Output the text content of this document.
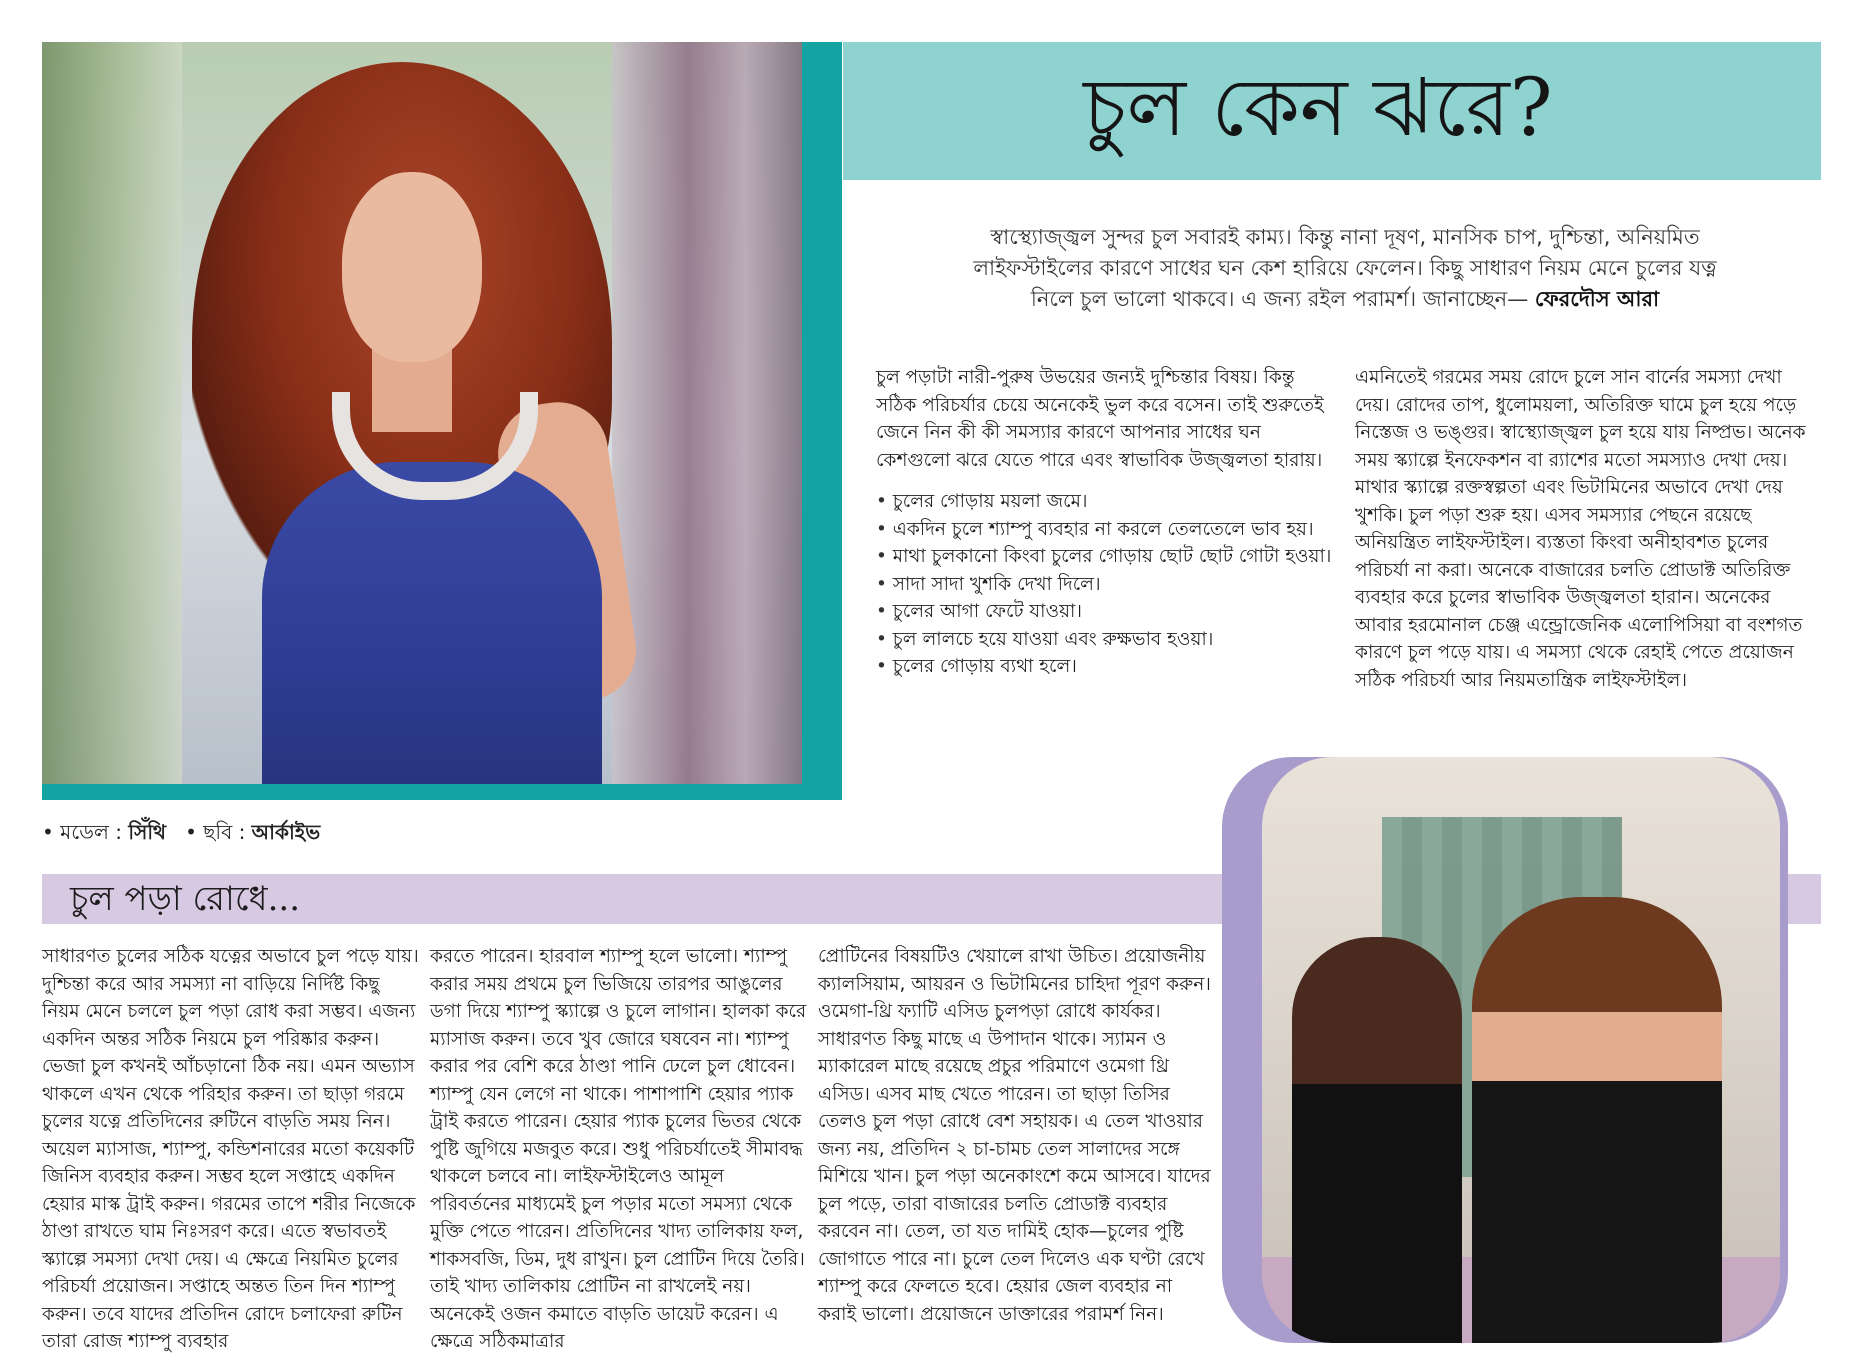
• মডেল : সিঁথি   • ছবি : আর্কাইভ
চুল কেন ঝরে?
স্বাস্থ্যোজ্জ্বল সুন্দর চুল সবারই কাম্য। কিন্তু নানা দূষণ, মানসিক চাপ, দুশ্চিন্তা, অনিয়মিত লাইফস্টাইলের কারণে সাধের ঘন কেশ হারিয়ে ফেলেন। কিছু সাধারণ নিয়ম মেনে চুলের যত্ন নিলে চুল ভালো থাকবে। এ জন্য রইল পরামর্শ। জানাচ্ছেন— ফেরদৌস আরা
চুল পড়াটা নারী-পুরুষ উভয়ের জন্যই দুশ্চিন্তার বিষয়। কিন্তু সঠিক পরিচর্যার চেয়ে অনেকেই ভুল করে বসেন। তাই শুরুতেই জেনে নিন কী কী সমস্যার কারণে আপনার সাধের ঘন কেশগুলো ঝরে যেতে পারে এবং স্বাভাবিক উজ্জ্বলতা হারায়।
• চুলের গোড়ায় ময়লা জমে।
• একদিন চুলে শ্যাম্পু ব্যবহার না করলে তেলতেলে ভাব হয়।
• মাথা চুলকানো কিংবা চুলের গোড়ায় ছোট ছোট গোটা হওয়া।
• সাদা সাদা খুশকি দেখা দিলে।
• চুলের আগা ফেটে যাওয়া।
• চুল লালচে হয়ে যাওয়া এবং রুক্ষভাব হওয়া।
• চুলের গোড়ায় ব্যথা হলে।
এমনিতেই গরমের সময় রোদে চুলে সান বার্নের সমস্যা দেখা দেয়। রোদের তাপ, ধুলোময়লা, অতিরিক্ত ঘামে চুল হয়ে পড়ে নিস্তেজ ও ভঙ্গুর। স্বাস্থ্যোজ্জ্বল চুল হয়ে যায় নিষ্প্রভ। অনেক সময় স্ক্যাল্পে ইনফেকশন বা র‍্যাশের মতো সমস্যাও দেখা দেয়। মাথার স্ক্যাল্পে রক্তস্বল্পতা এবং ভিটামিনের অভাবে দেখা দেয় খুশকি। চুল পড়া শুরু হয়। এসব সমস্যার পেছনে রয়েছে অনিয়ন্ত্রিত লাইফস্টাইল। ব্যস্ততা কিংবা অনীহাবশত চুলের পরিচর্যা না করা। অনেকে বাজারের চলতি প্রোডাক্ট অতিরিক্ত ব্যবহার করে চুলের স্বাভাবিক উজ্জ্বলতা হারান। অনেকের আবার হরমোনাল চেঞ্জ এন্ড্রোজেনিক এলোপিসিয়া বা বংশগত কারণে চুল পড়ে যায়। এ সমস্যা থেকে রেহাই পেতে প্রয়োজন সঠিক পরিচর্যা আর নিয়মতান্ত্রিক লাইফস্টাইল।
চুল পড়া রোধে...
সাধারণত চুলের সঠিক যত্নের অভাবে চুল পড়ে যায়। দুশ্চিন্তা করে আর সমস্যা না বাড়িয়ে নির্দিষ্ট কিছু নিয়ম মেনে চললে চুল পড়া রোধ করা সম্ভব। এজন্য একদিন অন্তর সঠিক নিয়মে চুল পরিষ্কার করুন। ভেজা চুল কখনই আঁচড়ানো ঠিক নয়। এমন অভ্যাস থাকলে এখন থেকে পরিহার করুন। তা ছাড়া গরমে চুলের যত্নে প্রতিদিনের রুটিনে বাড়তি সময় নিন। অয়েল ম্যাসাজ, শ্যাম্পু, কন্ডিশনারের মতো কয়েকটি জিনিস ব্যবহার করুন। সম্ভব হলে সপ্তাহে একদিন হেয়ার মাস্ক ট্রাই করুন। গরমের তাপে শরীর নিজেকে ঠাণ্ডা রাখতে ঘাম নিঃসরণ করে। এতে স্বভাবতই স্ক্যাল্পে সমস্যা দেখা দেয়। এ ক্ষেত্রে নিয়মিত চুলের পরিচর্যা প্রয়োজন। সপ্তাহে অন্তত তিন দিন শ্যাম্পু করুন। তবে যাদের প্রতিদিন রোদে চলাফেরা রুটিন তারা রোজ শ্যাম্পু ব্যবহার
করতে পারেন। হারবাল শ্যাম্পু হলে ভালো। শ্যাম্পু করার সময় প্রথমে চুল ভিজিয়ে তারপর আঙুলের ডগা দিয়ে শ্যাম্পু স্ক্যাল্পে ও চুলে লাগান। হালকা করে ম্যাসাজ করুন। তবে খুব জোরে ঘষবেন না। শ্যাম্পু করার পর বেশি করে ঠাণ্ডা পানি ঢেলে চুল ধোবেন। শ্যাম্পু যেন লেগে না থাকে। পাশাপাশি হেয়ার প্যাক ট্রাই করতে পারেন। হেয়ার প্যাক চুলের ভিতর থেকে পুষ্টি জুগিয়ে মজবুত করে। শুধু পরিচর্যাতেই সীমাবদ্ধ থাকলে চলবে না। লাইফস্টাইলেও আমূল পরিবর্তনের মাধ্যমেই চুল পড়ার মতো সমস্যা থেকে মুক্তি পেতে পারেন। প্রতিদিনের খাদ্য তালিকায় ফল, শাকসবজি, ডিম, দুধ রাখুন। চুল প্রোটিন দিয়ে তৈরি। তাই খাদ্য তালিকায় প্রোটিন না রাখলেই নয়। অনেকেই ওজন কমাতে বাড়তি ডায়েট করেন। এ ক্ষেত্রে সঠিকমাত্রার
প্রোটিনের বিষয়টিও খেয়ালে রাখা উচিত। প্রয়োজনীয় ক্যালসিয়াম, আয়রন ও ভিটামিনের চাহিদা পূরণ করুন। ওমেগা-থ্রি ফ্যাটি এসিড চুলপড়া রোধে কার্যকর। সাধারণত কিছু মাছে এ উপাদান থাকে। স্যামন ও ম্যাকারেল মাছে রয়েছে প্রচুর পরিমাণে ওমেগা থ্রি এসিড। এসব মাছ খেতে পারেন। তা ছাড়া তিসির তেলও চুল পড়া রোধে বেশ সহায়ক। এ তেল খাওয়ার জন্য নয়, প্রতিদিন ২ চা-চামচ তেল সালাদের সঙ্গে মিশিয়ে খান। চুল পড়া অনেকাংশে কমে আসবে। যাদের চুল পড়ে, তারা বাজারের চলতি প্রোডাক্ট ব্যবহার করবেন না। তেল, তা যত দামিই হোক—চুলের পুষ্টি জোগাতে পারে না। চুলে তেল দিলেও এক ঘণ্টা রেখে শ্যাম্পু করে ফেলতে হবে। হেয়ার জেল ব্যবহার না করাই ভালো। প্রয়োজনে ডাক্তারের পরামর্শ নিন।
